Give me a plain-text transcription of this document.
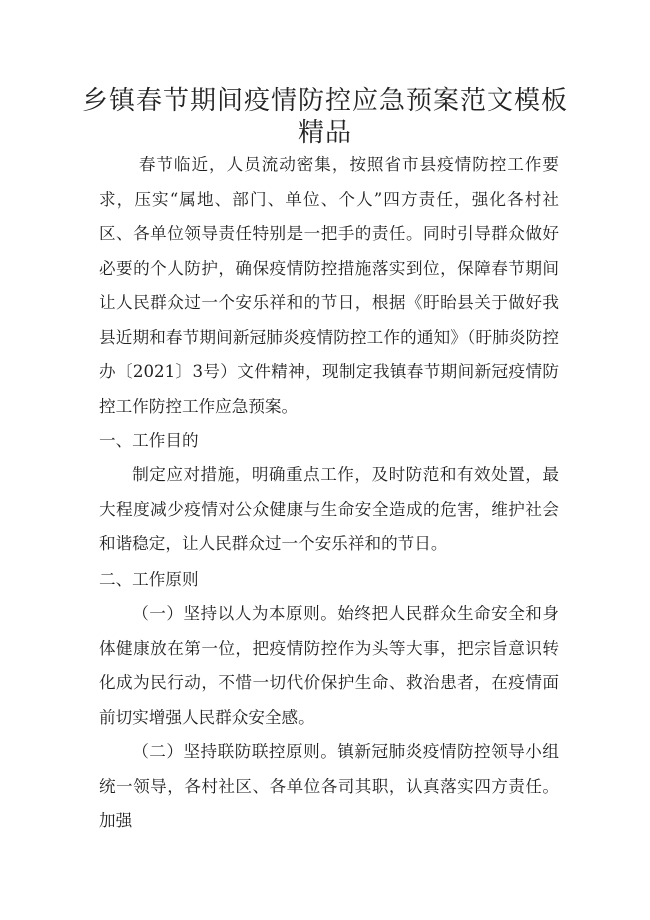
乡镇春节期间疫情防控应急预案范文模板
精品
春节临近，人员流动密集，按照省市县疫情防控工作要求，压实“属地、部门、单位、个人”四方责任，强化各村社区、各单位领导责任特别是一把手的责任。同时引导群众做好必要的个人防护，确保疫情防控措施落实到位，保障春节期间让人民群众过一个安乐祥和的节日，根据《盱眙县关于做好我县近期和春节期间新冠肺炎疫情防控工作的通知》（盱肺炎防控办〔2021〕3号）文件精神，现制定我镇春节期间新冠疫情防控工作防控工作应急预案。
一、工作目的
制定应对措施，明确重点工作，及时防范和有效处置，最大程度减少疫情对公众健康与生命安全造成的危害，维护社会和谐稳定，让人民群众过一个安乐祥和的节日。
二、工作原则
（一）坚持以人为本原则。始终把人民群众生命安全和身体健康放在第一位，把疫情防控作为头等大事，把宗旨意识转化成为民行动，不惜一切代价保护生命、救治患者，在疫情面前切实增强人民群众安全感。
（二）坚持联防联控原则。镇新冠肺炎疫情防控领导小组统一领导，各村社区、各单位各司其职，认真落实四方责任。加强
